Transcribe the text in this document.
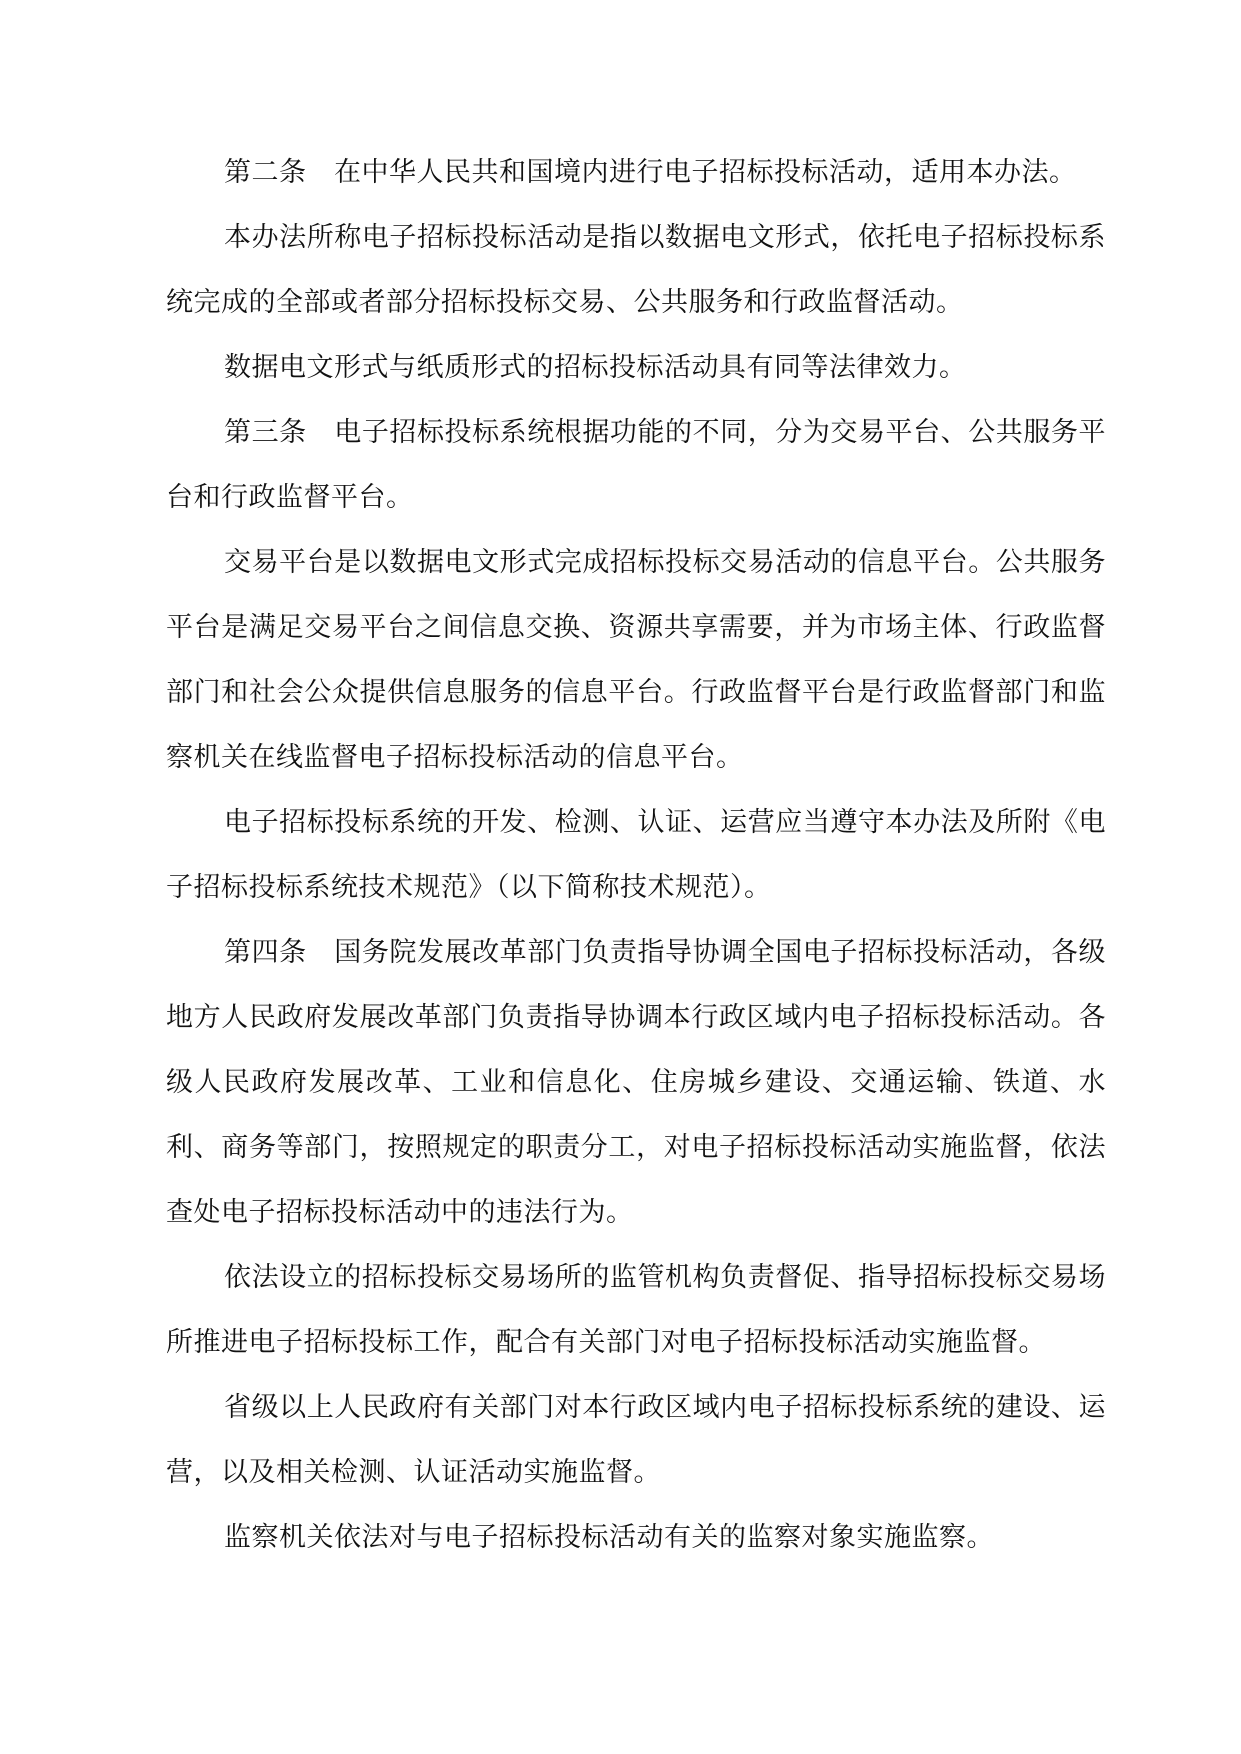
第二条　在中华人民共和国境内进行电子招标投标活动，适用本办法。

本办法所称电子招标投标活动是指以数据电文形式，依托电子招标投标系统完成的全部或者部分招标投标交易、公共服务和行政监督活动。

数据电文形式与纸质形式的招标投标活动具有同等法律效力。

第三条　电子招标投标系统根据功能的不同，分为交易平台、公共服务平台和行政监督平台。

交易平台是以数据电文形式完成招标投标交易活动的信息平台。公共服务平台是满足交易平台之间信息交换、资源共享需要，并为市场主体、行政监督部门和社会公众提供信息服务的信息平台。行政监督平台是行政监督部门和监察机关在线监督电子招标投标活动的信息平台。

电子招标投标系统的开发、检测、认证、运营应当遵守本办法及所附《电子招标投标系统技术规范》（以下简称技术规范）。

第四条　国务院发展改革部门负责指导协调全国电子招标投标活动，各级地方人民政府发展改革部门负责指导协调本行政区域内电子招标投标活动。各级人民政府发展改革、工业和信息化、住房城乡建设、交通运输、铁道、水利、商务等部门，按照规定的职责分工，对电子招标投标活动实施监督，依法查处电子招标投标活动中的违法行为。

依法设立的招标投标交易场所的监管机构负责督促、指导招标投标交易场所推进电子招标投标工作，配合有关部门对电子招标投标活动实施监督。

省级以上人民政府有关部门对本行政区域内电子招标投标系统的建设、运营，以及相关检测、认证活动实施监督。

监察机关依法对与电子招标投标活动有关的监察对象实施监察。
